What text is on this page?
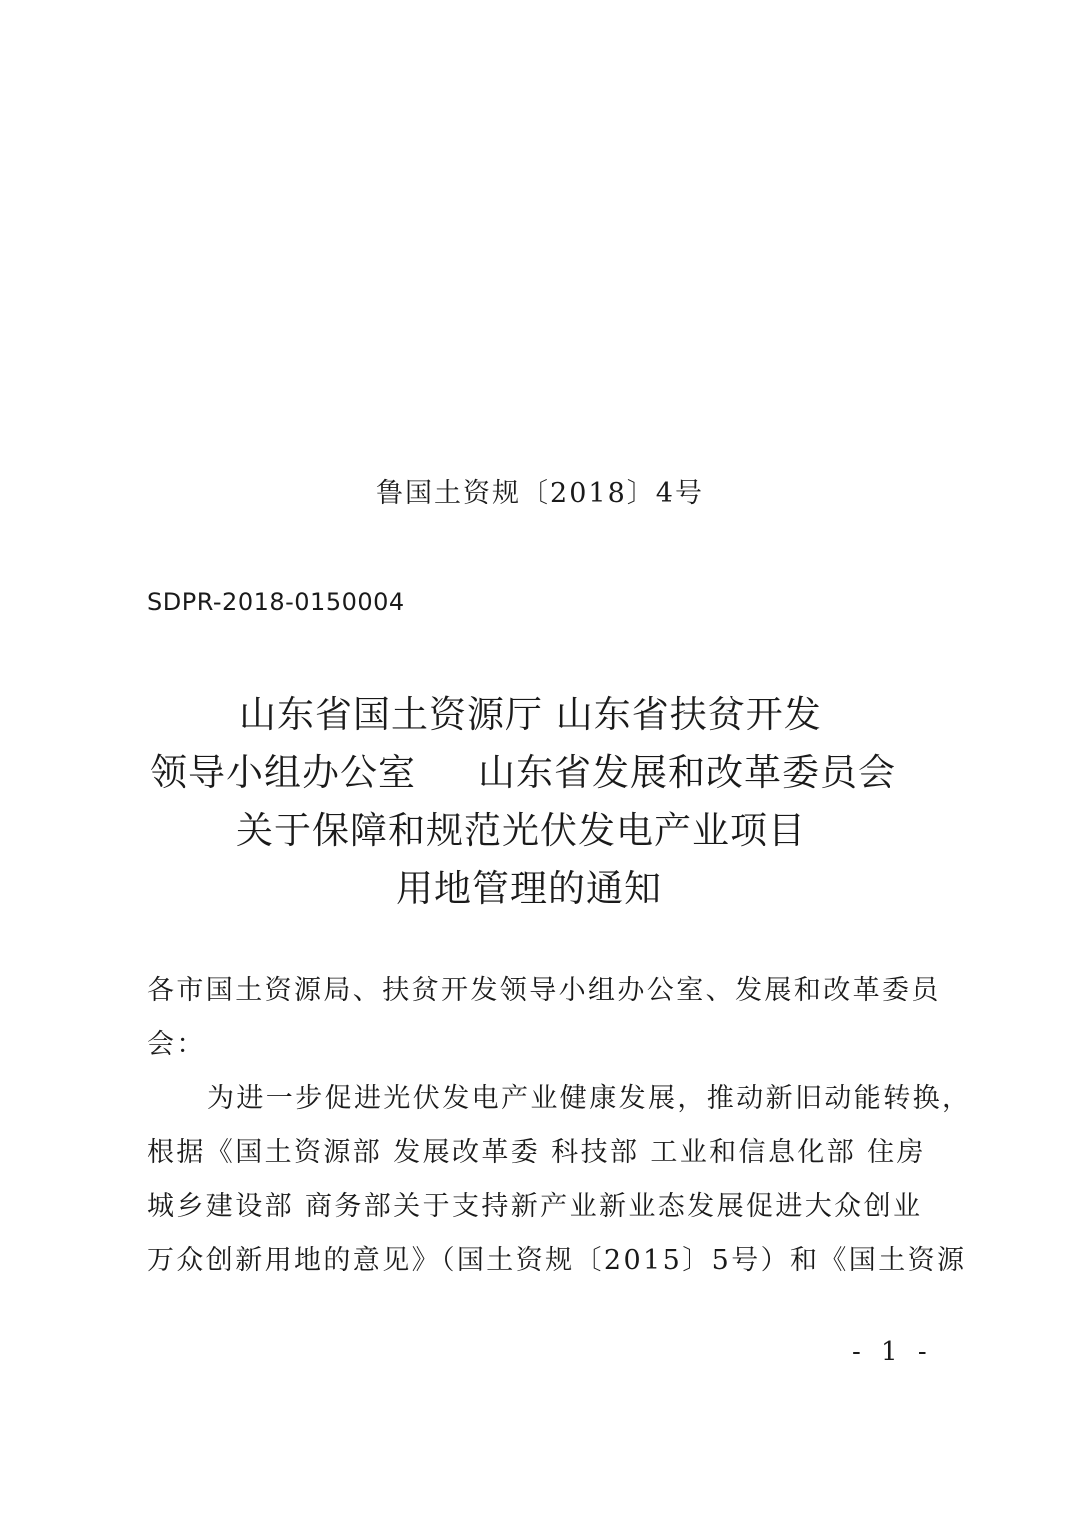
鲁国土资规〔2018〕4号
SDPR-2018-0150004
山东省国土资源厅 山东省扶贫开发
领导小组办公室 山东省发展和改革委员会
关于保障和规范光伏发电产业项目
用地管理的通知
各市国土资源局、扶贫开发领导小组办公室、发展和改革委员
会：
为进一步促进光伏发电产业健康发展，推动新旧动能转换，
根据《国土资源部 发展改革委 科技部 工业和信息化部 住房
城乡建设部 商务部关于支持新产业新业态发展促进大众创业
万众创新用地的意见》（国土资规〔2015〕5号）和《国土资源
- 1 -
